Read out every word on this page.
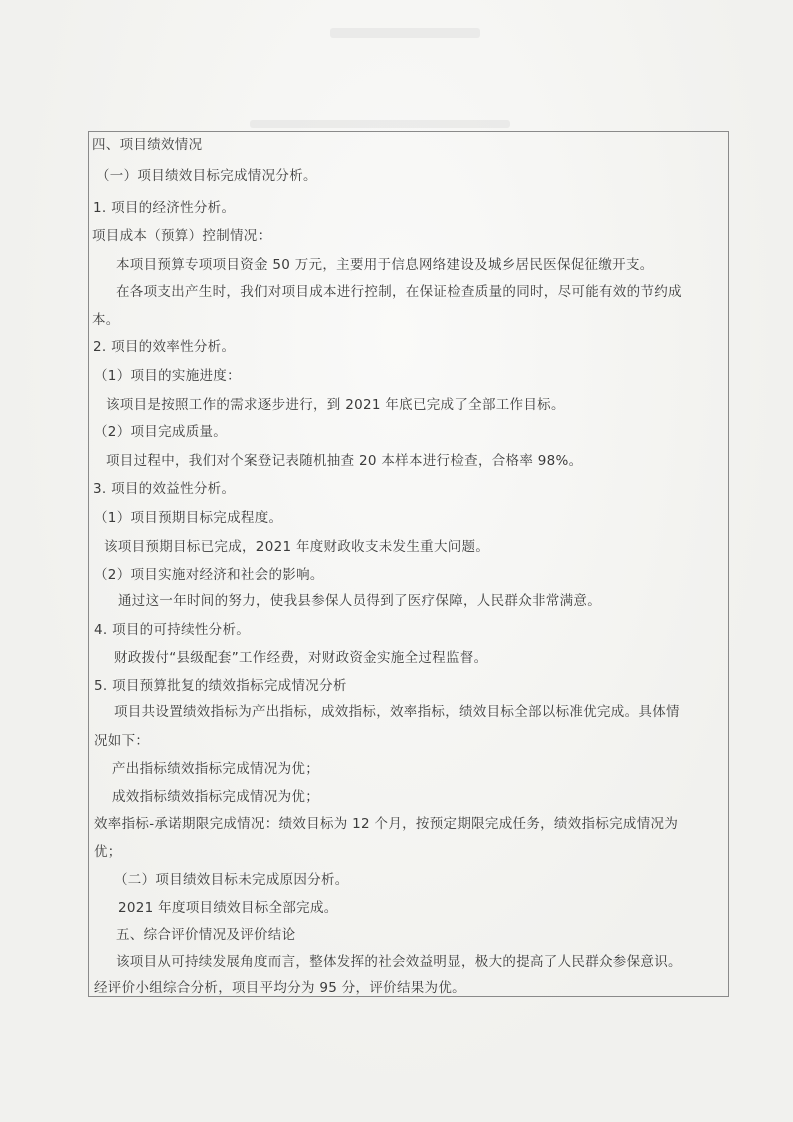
四、项目绩效情况
（一）项目绩效目标完成情况分析。
1. 项目的经济性分析。
项目成本（预算）控制情况：
本项目预算专项项目资金 50 万元，主要用于信息网络建设及城乡居民医保促征缴开支。
在各项支出产生时，我们对项目成本进行控制，在保证检查质量的同时，尽可能有效的节约成
本。
2. 项目的效率性分析。
（1）项目的实施进度：
该项目是按照工作的需求逐步进行，到 2021 年底已完成了全部工作目标。
（2）项目完成质量。
项目过程中，我们对个案登记表随机抽查 20 本样本进行检查，合格率 98%。
3. 项目的效益性分析。
（1）项目预期目标完成程度。
该项目预期目标已完成，2021 年度财政收支未发生重大问题。
（2）项目实施对经济和社会的影响。
通过这一年时间的努力，使我县参保人员得到了医疗保障，人民群众非常满意。
4. 项目的可持续性分析。
财政拨付“县级配套”工作经费，对财政资金实施全过程监督。
5. 项目预算批复的绩效指标完成情况分析
项目共设置绩效指标为产出指标，成效指标，效率指标，绩效目标全部以标准优完成。具体情
况如下：
产出指标绩效指标完成情况为优；
成效指标绩效指标完成情况为优；
效率指标-承诺期限完成情况：绩效目标为 12 个月，按预定期限完成任务，绩效指标完成情况为
优；
（二）项目绩效目标未完成原因分析。
2021 年度项目绩效目标全部完成。
五、综合评价情况及评价结论
该项目从可持续发展角度而言，整体发挥的社会效益明显，极大的提高了人民群众参保意识。
经评价小组综合分析，项目平均分为 95 分，评价结果为优。
